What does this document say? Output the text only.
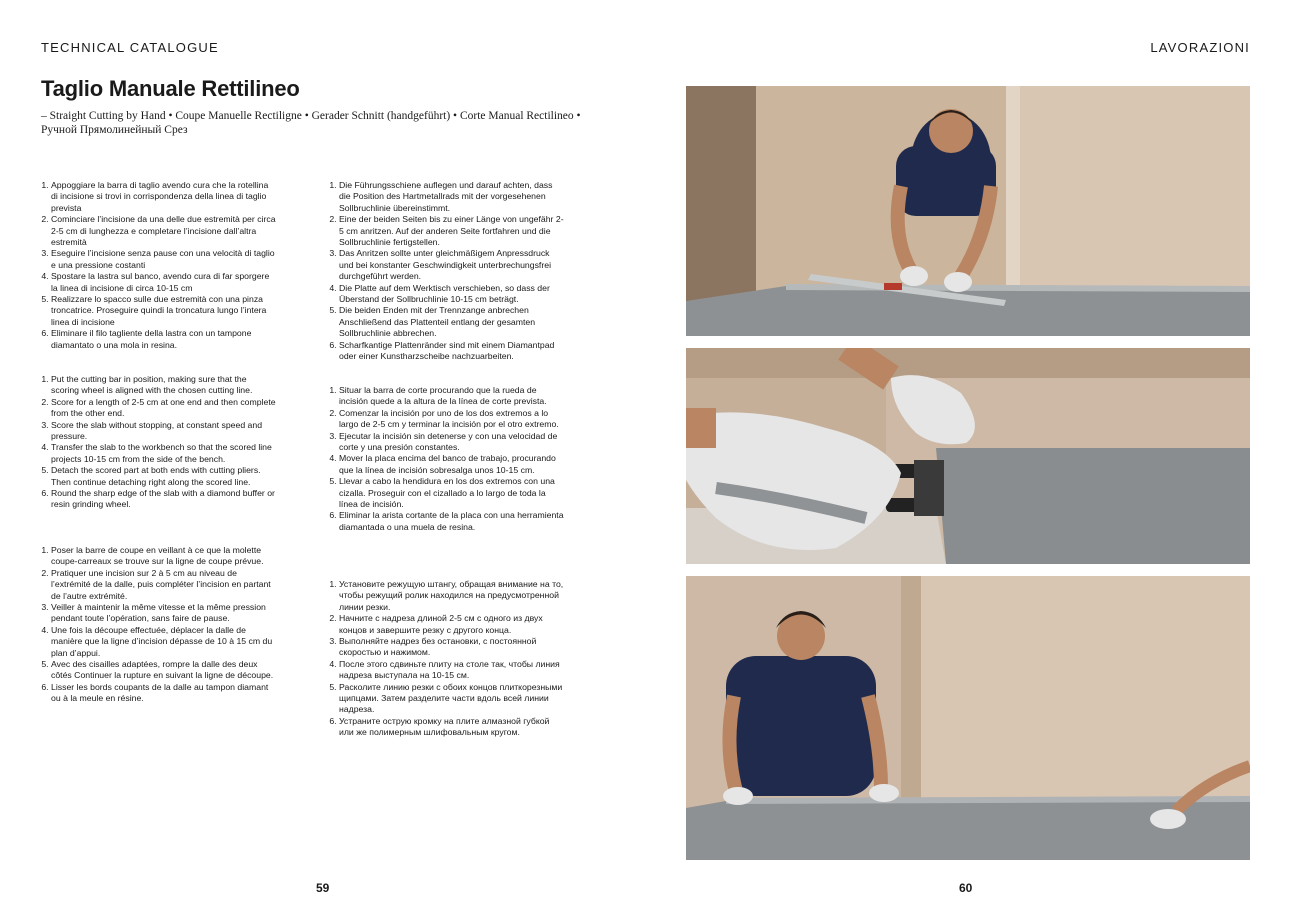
TECHNICAL CATALOGUE	LAVORAZIONI
Taglio Manuale Rettilineo

– Straight Cutting by Hand • Coupe Manuelle Rectiligne • Gerader Schnitt (handgeführt) • Corte Manual Rectilineo • Ручной Прямолинейный Срез

1. Appoggiare la barra di taglio avendo cura che la rotellina di incisione si trovi in corrispondenza della linea di taglio prevista
2. Cominciare l’incisione da una delle due estremità per circa 2-5 cm di lunghezza e completare l’incisione dall’altra estremità
3. Eseguire l’incisione senza pause con una velocità di taglio e una pressione costanti
4. Spostare la lastra sul banco, avendo cura di far sporgere la linea di incisione di circa 10-15 cm
5. Realizzare lo spacco sulle due estremità con una pinza troncatrice. Proseguire quindi la troncatura lungo l’intera linea di incisione
6. Eliminare il filo tagliente della lastra con un tampone diamantato o una mola in resina.
1. Put the cutting bar in position, making sure that the scoring wheel is aligned with the chosen cutting line.
2. Score for a length of 2-5 cm at one end and then complete from the other end.
3. Score the slab without stopping, at constant speed and pressure.
4. Transfer the slab to the workbench so that the scored line projects 10-15 cm from the side of the bench.
5. Detach the scored part at both ends with cutting pliers. Then continue detaching right along the scored line.
6. Round the sharp edge of the slab with a diamond buffer or resin grinding wheel.
1. Poser la barre de coupe en veillant à ce que la molette coupe-carreaux se trouve sur la ligne de coupe prévue.
2. Pratiquer une incision sur 2 à 5 cm au niveau de l’extrémité de la dalle, puis compléter l’incision en partant de l’autre extrémité.
3. Veiller à maintenir la même vitesse et la même pression pendant toute l’opération, sans faire de pause.
4. Une fois la découpe effectuée, déplacer la dalle de manière que la ligne d’incision dépasse de 10 à 15 cm du plan d’appui.
5. Avec des cisailles adaptées, rompre la dalle des deux côtés Continuer la rupture en suivant la ligne de découpe.
6. Lisser les bords coupants de la dalle au tampon diamant ou à la meule en résine.
1. Die Führungsschiene auflegen und darauf achten, dass die Position des Hartmetallrads mit der vorgesehenen Sollbruchlinie übereinstimmt.
2. Eine der beiden Seiten bis zu einer Länge von ungefähr 2-5 cm anritzen. Auf der anderen Seite fortfahren und die Sollbruchlinie fertigstellen.
3. Das Anritzen sollte unter gleichmäßigem Anpressdruck und bei konstanter Geschwindigkeit unterbrechungsfrei durchgeführt werden.
4. Die Platte auf dem Werktisch verschieben, so dass der Überstand der Sollbruchlinie 10-15 cm beträgt.
5. Die beiden Enden mit der Trennzange anbrechen Anschließend das Plattenteil entlang der gesamten Sollbruchlinie abbrechen.
6. Scharfkantige Plattenränder sind mit einem Diamantpad oder einer Kunstharzscheibe nachzuarbeiten.
1. Situar la barra de corte procurando que la rueda de incisión quede a la altura de la línea de corte prevista.
2. Comenzar la incisión por uno de los dos extremos a lo largo de 2-5 cm y terminar la incisión por el otro extremo.
3. Ejecutar la incisión sin detenerse y con una velocidad de corte y una presión constantes.
4. Mover la placa encima del banco de trabajo, procurando que la línea de incisión sobresalga unos 10-15 cm.
5. Llevar a cabo la hendidura en los dos extremos con una cizalla. Proseguir con el cizallado a lo largo de toda la línea de incisión.
6. Eliminar la arista cortante de la placa con una herramienta diamantada o una muela de resina.
1. Установите режущую штангу, обращая внимание на то, чтобы режущий ролик находился на предусмотренной линии резки.
2. Начните с надреза длиной 2-5 см с одного из двух концов и завершите резку с другого конца.
3. Выполняйте надрез без остановки, с постоянной скоростью и нажимом.
4. После этого сдвиньте плиту на столе так, чтобы линия надреза выступала на 10-15 см.
5. Расколите линию резки с обоих концов плиткорезными щипцами. Затем разделите части вдоль всей линии надреза.
6. Устраните острую кромку на плите алмазной губкой или же полимерным шлифовальным кругом.
59	60
